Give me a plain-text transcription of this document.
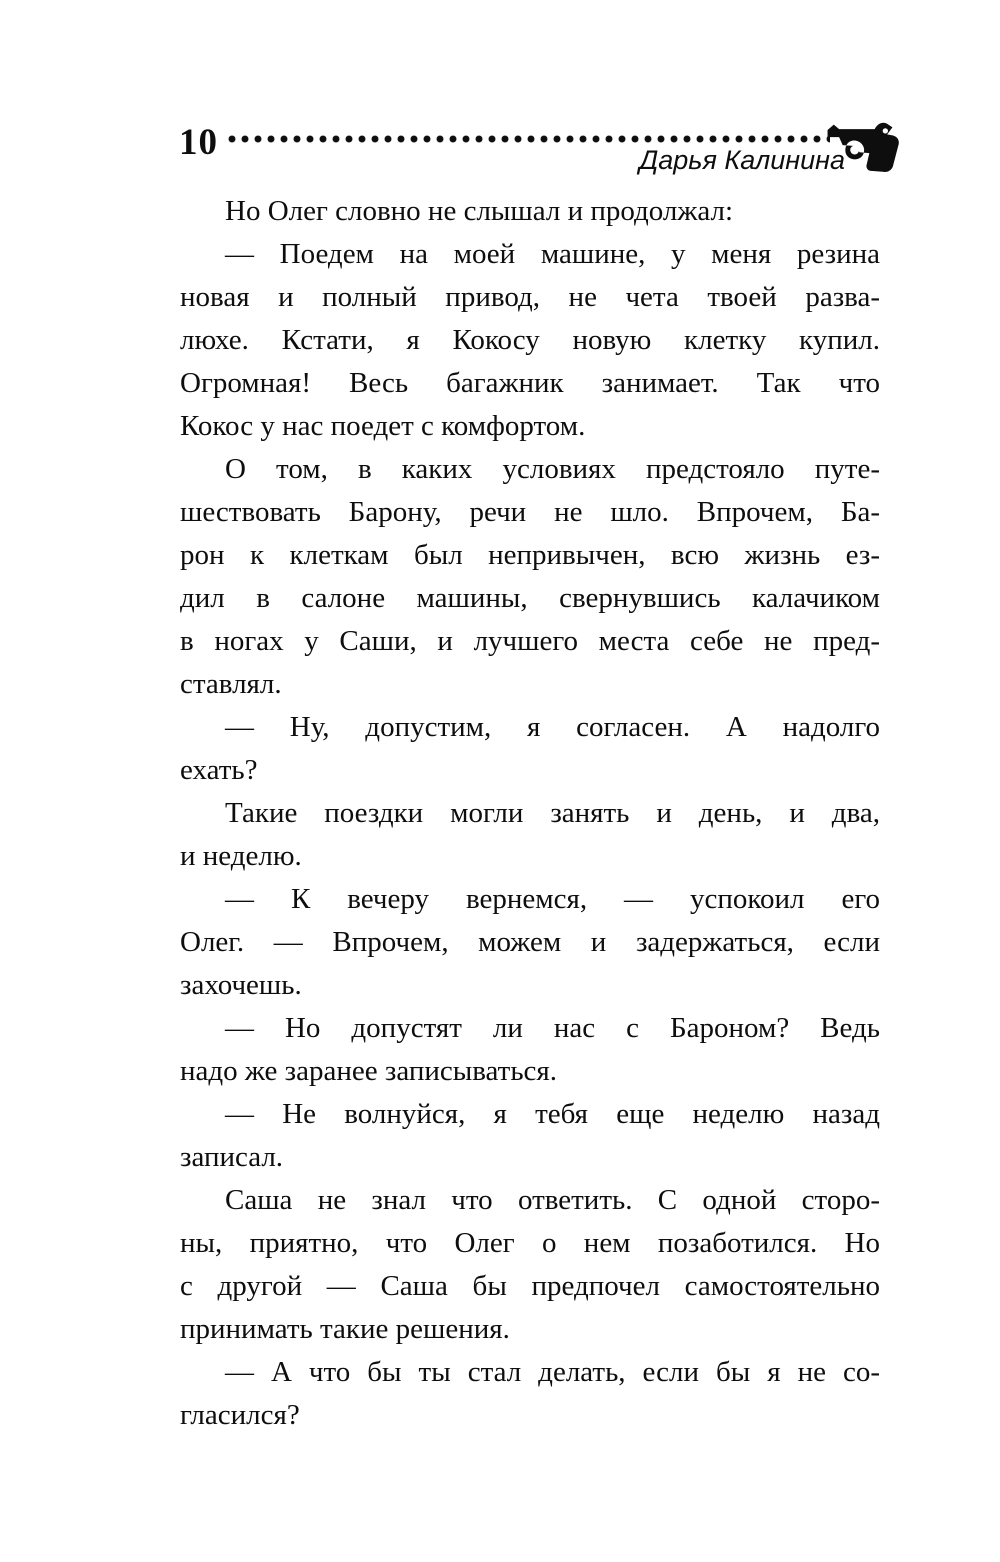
10	Дарья Калинина
Но Олег словно не слышал и продолжал:
— Поедем на моей машине, у меня резина
новая и полный привод, не чета твоей разва-
люхе. Кстати, я Кокосу новую клетку купил.
Огромная! Весь багажник занимает. Так что
Кокос у нас поедет с комфортом.
О том, в каких условиях предстояло путе-
шествовать Барону, речи не шло. Впрочем, Ба-
рон к клеткам был непривычен, всю жизнь ез-
дил в салоне машины, свернувшись калачиком
в ногах у Саши, и лучшего места себе не пред-
ставлял.
— Ну, допустим, я согласен. А надолго
ехать?
Такие поездки могли занять и день, и два,
и неделю.
— К вечеру вернемся, — успокоил его
Олег. — Впрочем, можем и задержаться, если
захочешь.
— Но допустят ли нас с Бароном? Ведь
надо же заранее записываться.
— Не волнуйся, я тебя еще неделю назад
записал.
Саша не знал что ответить. С одной сторо-
ны, приятно, что Олег о нем позаботился. Но
с другой — Саша бы предпочел самостоятельно
принимать такие решения.
— А что бы ты стал делать, если бы я не со-
гласился?
